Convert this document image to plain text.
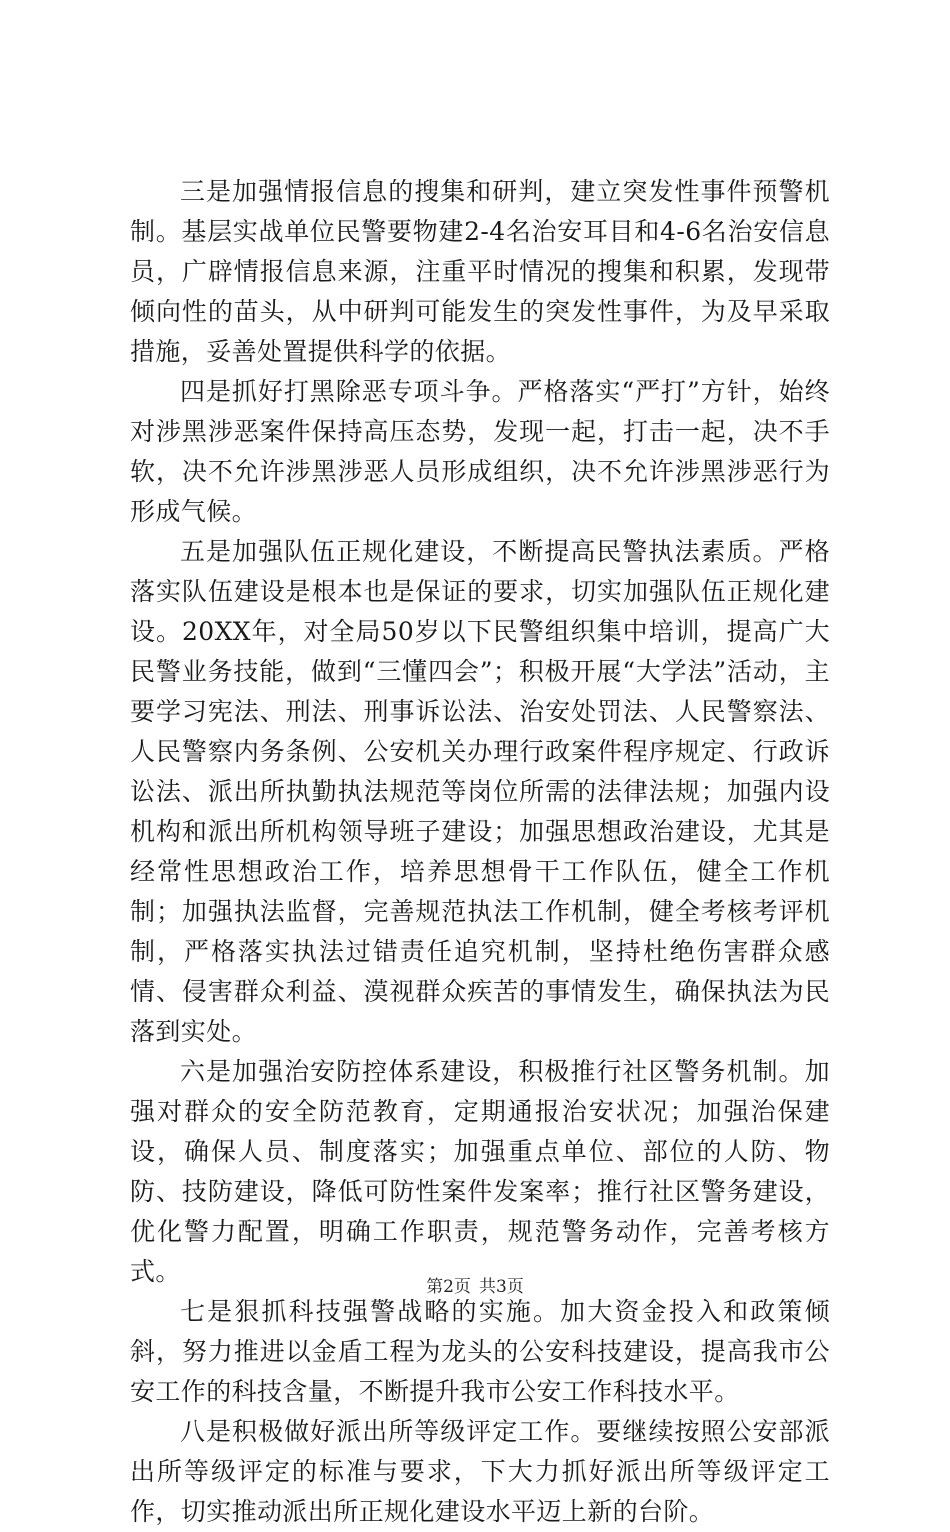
三是加强情报信息的搜集和研判，建立突发性事件预警机制。基层实战单位民警要物建2-4名治安耳目和4-6名治安信息员，广辟情报信息来源，注重平时情况的搜集和积累，发现带倾向性的苗头，从中研判可能发生的突发性事件，为及早采取措施，妥善处置提供科学的依据。

四是抓好打黑除恶专项斗争。严格落实“严打”方针，始终对涉黑涉恶案件保持高压态势，发现一起，打击一起，决不手软，决不允许涉黑涉恶人员形成组织，决不允许涉黑涉恶行为形成气候。

五是加强队伍正规化建设，不断提高民警执法素质。严格落实队伍建设是根本也是保证的要求，切实加强队伍正规化建设。20XX年，对全局50岁以下民警组织集中培训，提高广大民警业务技能，做到“三懂四会”；积极开展“大学法”活动，主要学习宪法、刑法、刑事诉讼法、治安处罚法、人民警察法、人民警察内务条例、公安机关办理行政案件程序规定、行政诉讼法、派出所执勤执法规范等岗位所需的法律法规；加强内设机构和派出所机构领导班子建设；加强思想政治建设，尤其是经常性思想政治工作，培养思想骨干工作队伍，健全工作机制；加强执法监督，完善规范执法工作机制，健全考核考评机制，严格落实执法过错责任追究机制，坚持杜绝伤害群众感情、侵害群众利益、漠视群众疾苦的事情发生，确保执法为民落到实处。

六是加强治安防控体系建设，积极推行社区警务机制。加强对群众的安全防范教育，定期通报治安状况；加强治保建设，确保人员、制度落实；加强重点单位、部位的人防、物防、技防建设，降低可防性案件发案率；推行社区警务建设，优化警力配置，明确工作职责，规范警务动作，完善考核方式。

七是狠抓科技强警战略的实施。加大资金投入和政策倾斜，努力推进以金盾工程为龙头的公安科技建设，提高我市公安工作的科技含量，不断提升我市公安工作科技水平。

八是积极做好派出所等级评定工作。要继续按照公安部派出所等级评定的标准与要求，下大力抓好派出所等级评定工作，切实推动派出所正规化建设水平迈上新的台阶。

第2页 共3页
